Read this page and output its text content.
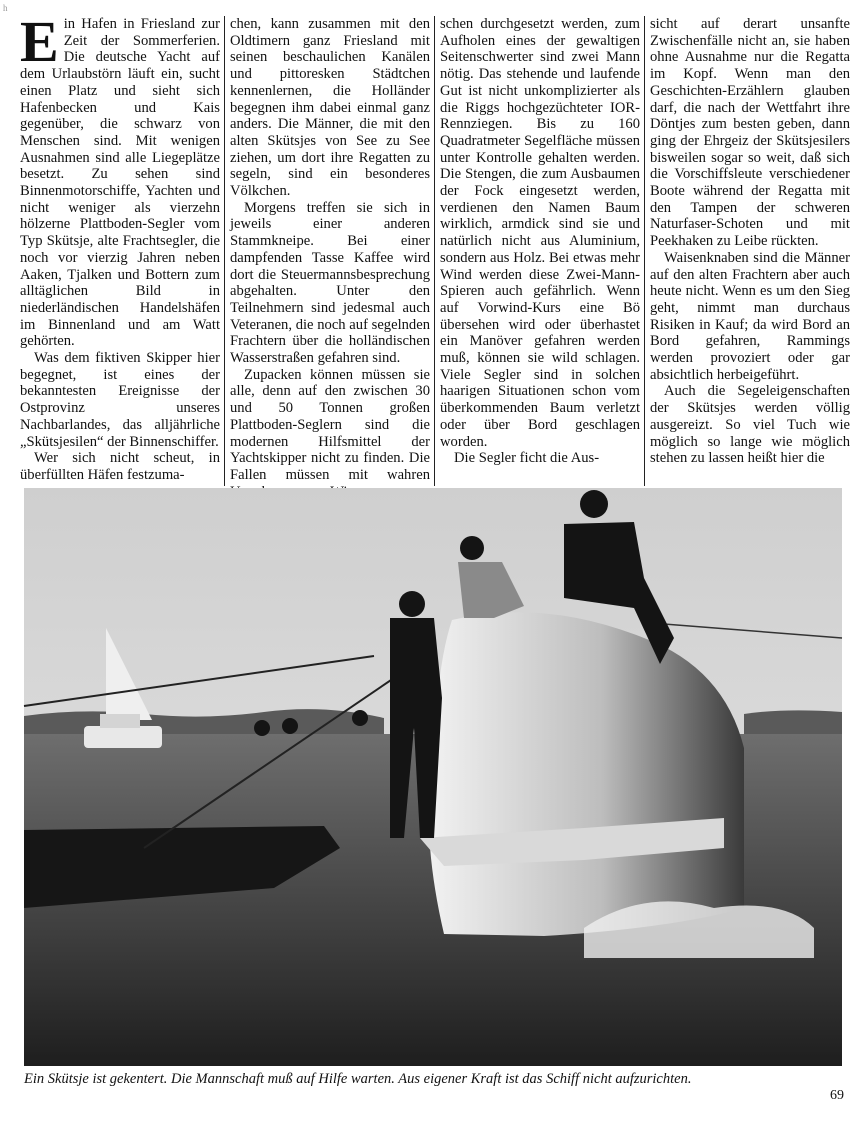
h

Ein Hafen in Friesland zur Zeit der Sommerferien. Die deutsche Yacht auf dem Urlaubstörn läuft ein, sucht einen Platz und sieht sich Hafenbecken und Kais gegenüber, die schwarz von Menschen sind. Mit wenigen Ausnahmen sind alle Liegeplätze besetzt. Zu sehen sind Binnenmotorschiffe, Yachten und nicht weniger als vierzehn hölzerne Plattboden-Segler vom Typ Skütsje, alte Frachtsegler, die noch vor vierzig Jahren neben Aaken, Tjalken und Bottern zum alltäglichen Bild in niederländischen Handelshäfen im Binnenland und am Watt gehörten.

Was dem fiktiven Skipper hier begegnet, ist eines der bekanntesten Ereignisse der Ostprovinz unseres Nachbarlandes, das alljährliche „Skütsjesilen“ der Binnenschiffer.

Wer sich nicht scheut, in überfüllten Häfen festzuma-

chen, kann zusammen mit den Oldtimern ganz Friesland mit seinen beschaulichen Kanälen und pittoresken Städtchen kennenlernen, die Holländer begegnen ihm dabei einmal ganz anders. Die Männer, die mit den alten Skütsjes von See zu See ziehen, um dort ihre Regatten zu segeln, sind ein besonderes Völkchen.

Morgens treffen sie sich in jeweils einer anderen Stammkneipe. Bei einer dampfenden Tasse Kaffee wird dort die Steuermannsbesprechung abgehalten. Unter den Teilnehmern sind jedesmal auch Veteranen, die noch auf segelnden Frachtern über die holländischen Wasserstraßen gefahren sind.

Zupacken können müssen sie alle, denn auf den zwischen 30 und 50 Tonnen großen Plattboden-Seglern sind die modernen Hilfsmittel der Yachtskipper nicht zu finden. Die Fallen müssen mit wahren

schen durchgesetzt werden, zum Aufholen eines der gewaltigen Seitenschwerter sind zwei Mann nötig. Das stehende und laufende Gut ist nicht unkomplizierter als die Riggs hochgezüchteter IOR-Rennziegen. Bis zu 160 Quadratmeter Segelfläche müssen unter Kontrolle gehalten werden. Die Stengen, die zum Ausbaumen der Fock eingesetzt werden, verdienen den Namen Baum wirklich, armdick sind sie und natürlich nicht aus Aluminium, sondern aus Holz. Bei etwas mehr Wind werden diese Zwei-Mann-Spieren auch gefährlich. Wenn auf Vorwind-Kurs eine Bö übersehen wird oder überhastet ein Manöver gefahren werden muß, können sie wild schlagen. Viele Segler sind in solchen haarigen Situationen schon vom überkommenden Baum verletzt oder über Bord geschlagen worden.

Die Segler ficht die Aus-

sicht auf derart unsanfte Zwischenfälle nicht an, sie haben ohne Ausnahme nur die Regatta im Kopf. Wenn man den Geschichten-Erzählern glauben darf, die nach der Wettfahrt ihre Döntjes zum besten geben, dann ging der Ehrgeiz der Skütsjesilers bisweilen sogar so weit, daß sich die Vorschiffsleute verschiedener Boote während der Regatta mit den Tampen der schweren Naturfaser-Schoten und mit Peekhaken zu Leibe rückten.

Waisenknaben sind die Männer auf den alten Frachtern aber auch heute nicht. Wenn es um den Sieg geht, nimmt man durchaus Risiken in Kauf; da wird Bord an Bord gefahren, Rammings werden provoziert oder gar absichtlich herbeigeführt.

Auch die Segeleigenschaften der Skütsjes werden völlig ausgereizt. So viel Tuch wie möglich so lange wie möglich stehen zu lassen heißt hier die

Ein Skütsje ist gekentert. Die Mannschaft muß auf Hilfe warten. Aus eigener Kraft ist das Schiff nicht aufzurichten.
69
